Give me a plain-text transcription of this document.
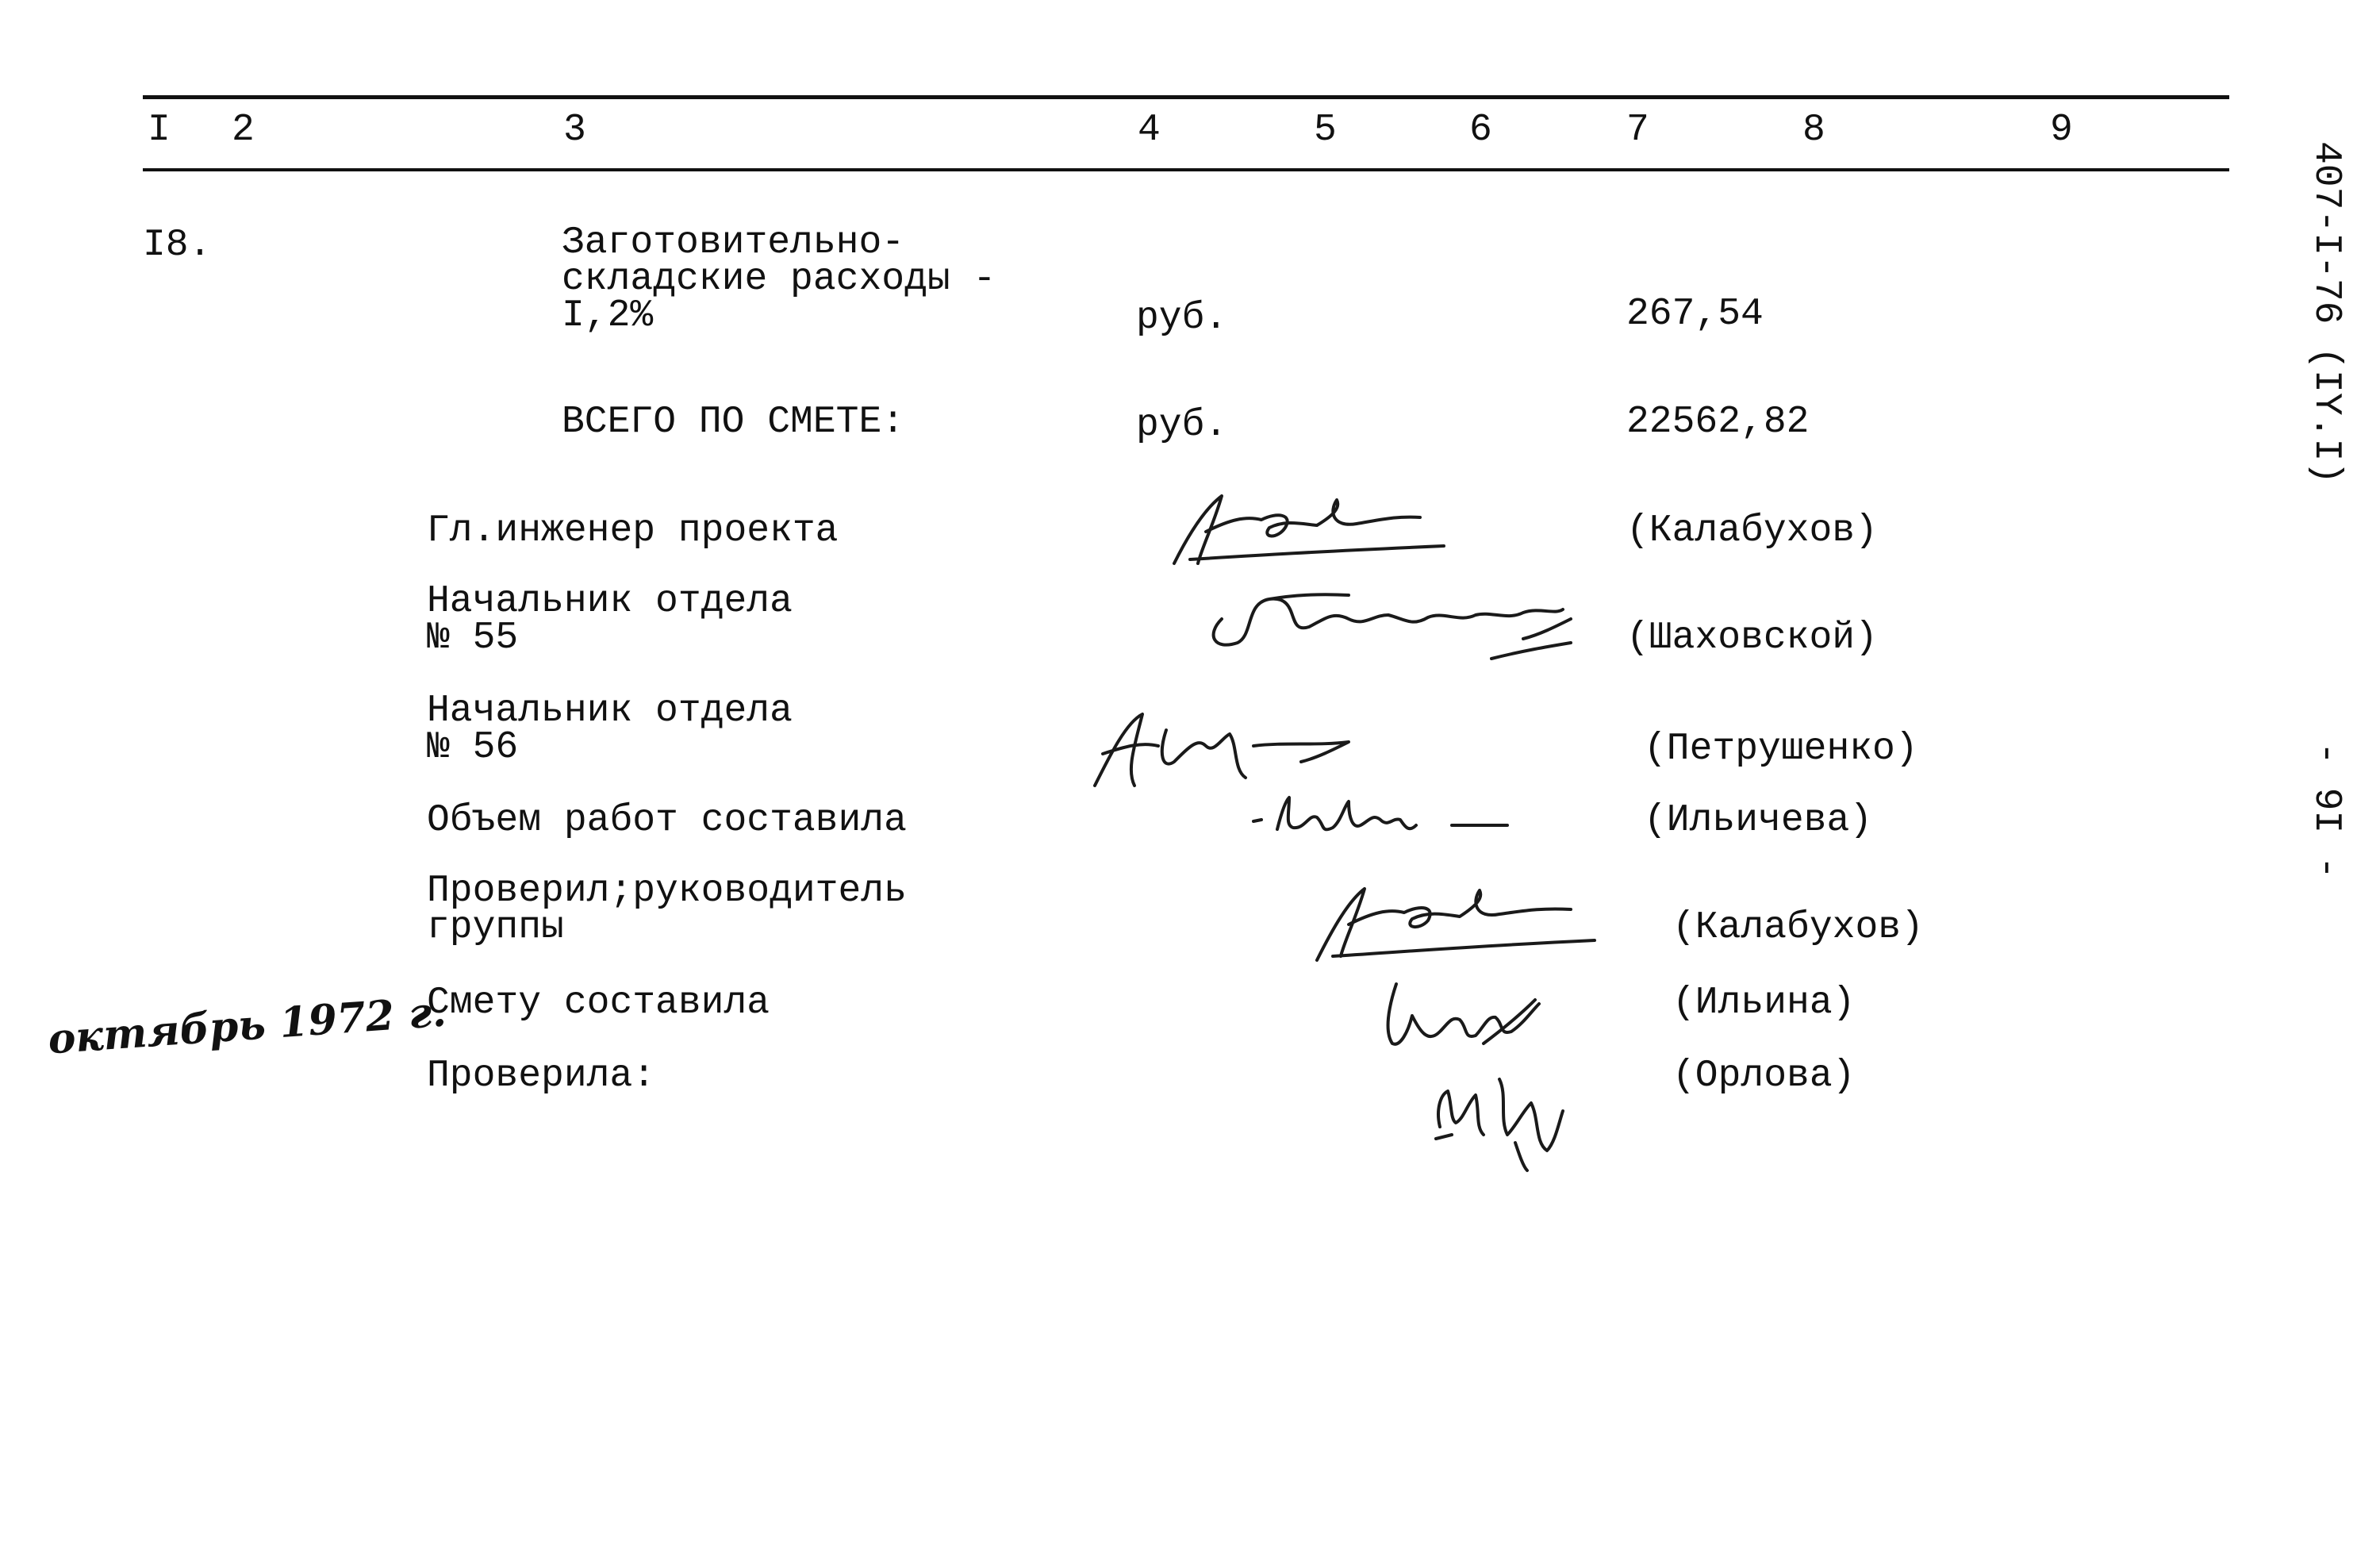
I 2	3	4	5	6	7	8	9
407-I-76 (IY.I)
- 9I -
I8.	Заготовительно-
складские расходы -
I,2%	руб.	267,54
ВСЕГО ПО СМЕТЕ:	руб.	22562,82
Гл.инженер проекта	(Калабухов)
Начальник отдела
№ 55	(Шаховской)
Начальник отдела
№ 56	(Петрушенко)
Объем работ составила	(Ильичева)
Проверил;руководитель
группы	(Калабухов)
Смету составила	(Ильина)
Проверила:	(Орлова)
октябрь 1972 г.
